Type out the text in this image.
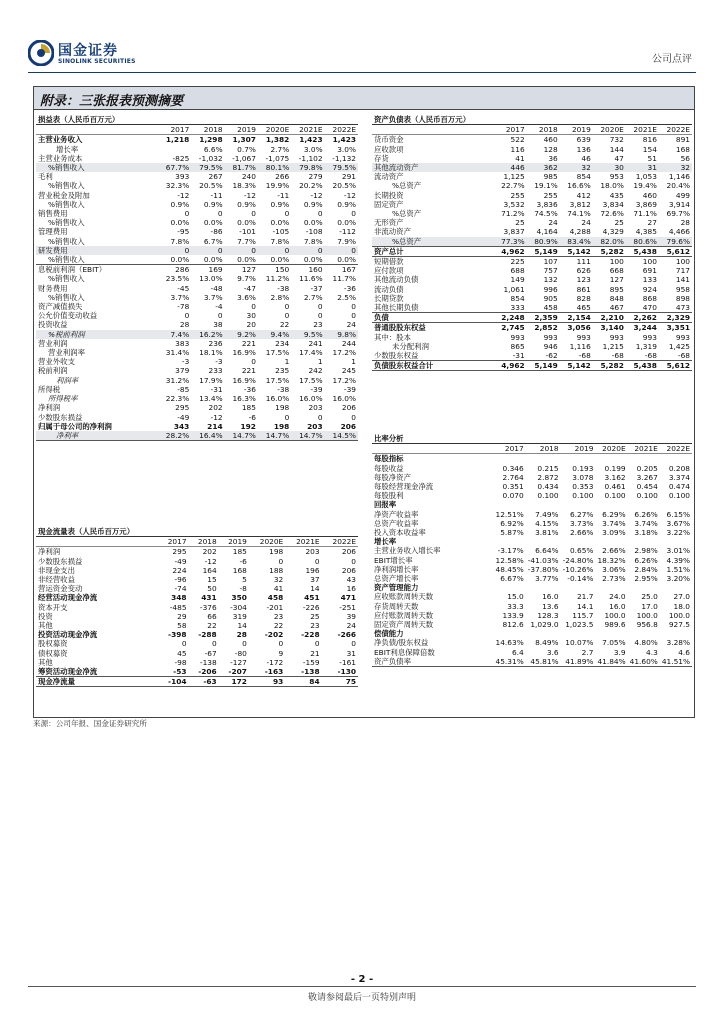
国金证券
SINOLINK SECURITIES	公司点评
附录：三张报表预测摘要
损益表（人民币百万元）						
	2017	2018	2019	2020E	2021E	2022E
主营业务收入	1,218	1,298	1,307	1,382	1,423	1,423
增长率		6.6%	0.7%	2.7%	3.0%	3.0%
主营业务成本	-825	-1,032	-1,067	-1,075	-1,102	-1,132
%销售收入	67.7%	79.5%	81.7%	80.1%	79.8%	79.5%
毛利	393	267	240	266	279	291
%销售收入	32.3%	20.5%	18.3%	19.9%	20.2%	20.5%
营业税金及附加	-12	-11	-12	-11	-12	-12
%销售收入	0.9%	0.9%	0.9%	0.9%	0.9%	0.9%
销售费用	0	0	0	0	0	0
%销售收入	0.0%	0.0%	0.0%	0.0%	0.0%	0.0%
管理费用	-95	-86	-101	-105	-108	-112
%销售收入	7.8%	6.7%	7.7%	7.8%	7.8%	7.9%
研发费用	0	0	0	0	0	0
%销售收入	0.0%	0.0%	0.0%	0.0%	0.0%	0.0%
息税前利润（EBIT）	286	169	127	150	160	167
%销售收入	23.5%	13.0%	9.7%	11.2%	11.6%	11.7%
财务费用	-45	-48	-47	-38	-37	-36
%销售收入	3.7%	3.7%	3.6%	2.8%	2.7%	2.5%
资产减值损失	-78	-4	0	0	0	0
公允价值变动收益	0	0	30	0	0	0
投资收益	28	38	20	22	23	24
%税前利润	7.4%	16.2%	9.2%	9.4%	9.5%	9.8%
营业利润	383	236	221	234	241	244
营业利润率	31.4%	18.1%	16.9%	17.5%	17.4%	17.2%
营业外收支	-3	-3	0	1	1	1
税前利润	379	233	221	235	242	245
利润率	31.2%	17.9%	16.9%	17.5%	17.5%	17.2%
所得税	-85	-31	-36	-38	-39	-39
所得税率	22.3%	13.4%	16.3%	16.0%	16.0%	16.0%
净利润	295	202	185	198	203	206
少数股东损益	-49	-12	-6	0	0	0
归属于母公司的净利润	343	214	192	198	203	206
净利率	28.2%	16.4%	14.7%	14.7%	14.7%	14.5%
资产负债表（人民币百万元）						
	2017	2018	2019	2020E	2021E	2022E
货币资金	522	460	639	732	816	891
应收款项	116	128	136	144	154	168
存货	41	36	46	47	51	56
其他流动资产	446	362	32	30	31	32
流动资产	1,125	985	854	953	1,053	1,146
%总资产	22.7%	19.1%	16.6%	18.0%	19.4%	20.4%
长期投资	255	255	412	435	460	499
固定资产	3,532	3,836	3,812	3,834	3,869	3,914
%总资产	71.2%	74.5%	74.1%	72.6%	71.1%	69.7%
无形资产	25	24	24	25	27	28
非流动资产	3,837	4,164	4,288	4,329	4,385	4,466
%总资产	77.3%	80.9%	83.4%	82.0%	80.6%	79.6%
资产总计	4,962	5,149	5,142	5,282	5,438	5,612
短期借款	225	107	111	100	100	100
应付款项	688	757	626	668	691	717
其他流动负债	149	132	123	127	133	141
流动负债	1,061	996	861	895	924	958
长期贷款	854	905	828	848	868	898
其他长期负债	333	458	465	467	470	473
负债	2,248	2,359	2,154	2,210	2,262	2,329
普通股股东权益	2,745	2,852	3,056	3,140	3,244	3,351
其中：股本	993	993	993	993	993	993
未分配利润	865	946	1,116	1,215	1,319	1,425
少数股东权益	-31	-62	-68	-68	-68	-68
负债股东权益合计	4,962	5,149	5,142	5,282	5,438	5,612
比率分析						
	2017	2018	2019	2020E	2021E	2022E
每股指标						
每股收益	0.346	0.215	0.193	0.199	0.205	0.208
每股净资产	2.764	2.872	3.078	3.162	3.267	3.374
每股经营现金净流	0.351	0.434	0.353	0.461	0.454	0.474
每股股利	0.070	0.100	0.100	0.100	0.100	0.100
回报率						
净资产收益率	12.51%	7.49%	6.27%	6.29%	6.26%	6.15%
总资产收益率	6.92%	4.15%	3.73%	3.74%	3.74%	3.67%
投入资本收益率	5.87%	3.81%	2.66%	3.09%	3.18%	3.22%
增长率						
主营业务收入增长率	-3.17%	6.64%	0.65%	2.66%	2.98%	3.01%
EBIT增长率	12.58%	-41.03%	-24.80%	18.32%	6.26%	4.39%
净利润增长率	48.45%	-37.80%	-10.26%	3.06%	2.84%	1.51%
总资产增长率	6.67%	3.77%	-0.14%	2.73%	2.95%	3.20%
资产管理能力						
应收账款周转天数	15.0	16.0	21.7	24.0	25.0	27.0
存货周转天数	33.3	13.6	14.1	16.0	17.0	18.0
应付账款周转天数	133.9	128.3	115.7	100.0	100.0	100.0
固定资产周转天数	812.6	1,029.0	1,023.5	989.6	956.8	927.5
偿债能力						
净负债/股东权益	14.63%	8.49%	10.07%	7.05%	4.80%	3.28%
EBIT利息保障倍数	6.4	3.6	2.7	3.9	4.3	4.6
资产负债率	45.31%	45.81%	41.89%	41.84%	41.60%	41.51%
现金流量表（人民币百万元）						
	2017	2018	2019	2020E	2021E	2022E
净利润	295	202	185	198	203	206
少数股东损益	-49	-12	-6	0	0	0
非现金支出	224	164	168	188	196	206
非经营收益	-96	15	5	32	37	43
营运资金变动	-74	50	-8	41	14	16
经营活动现金净流	348	431	350	458	451	471
资本开支	-485	-376	-304	-201	-226	-251
投资	29	66	319	23	25	39
其他	58	22	14	22	23	24
投资活动现金净流	-398	-288	28	-202	-228	-266
股权募资	0	0	0	0	0	0
债权募资	45	-67	-80	9	21	31
其他	-98	-138	-127	-172	-159	-161
筹资活动现金净流	-53	-206	-207	-163	-138	-130
现金净流量	-104	-63	172	93	84	75
来源：公司年报、国金证券研究所
- 2 -
敬请参阅最后一页特别声明
